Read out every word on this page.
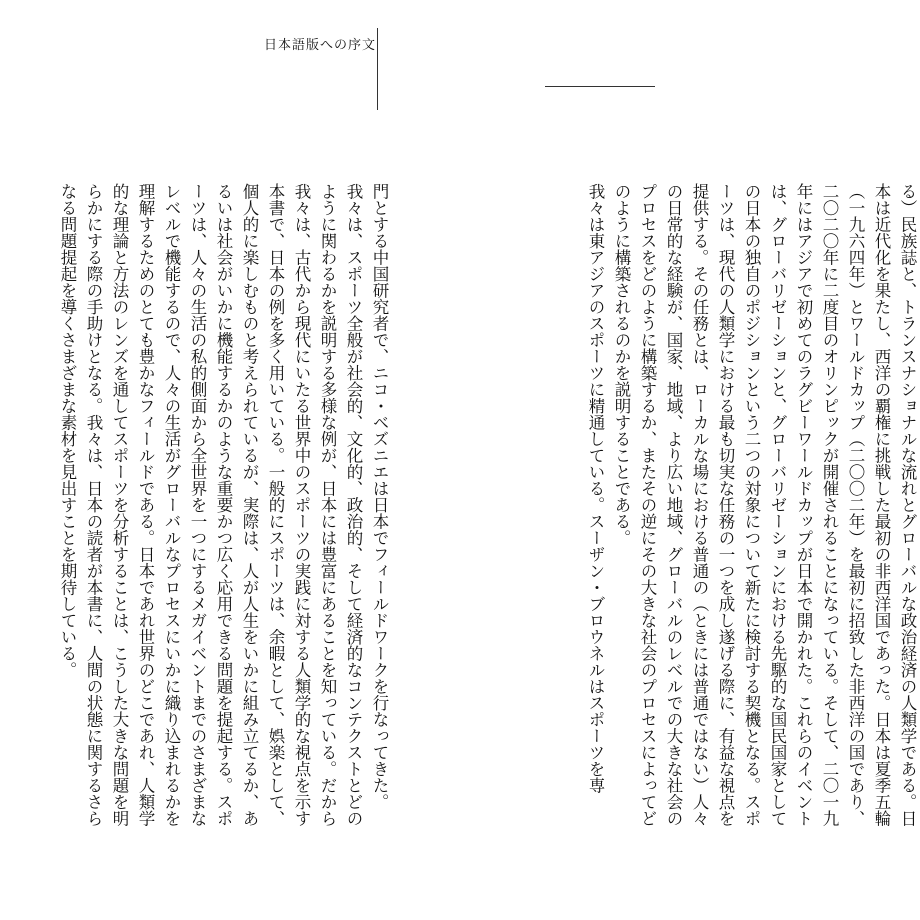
日本語版への序文

る）民族誌と、トランスナショナルな流れとグローバルな政治経済の人類学である。日本は近代化を果たし、西洋の覇権に挑戦した最初の非西洋国であった。日本は夏季五輪（一九六四年）とワールドカップ（二〇〇二年）を最初に招致した非西洋の国であり、二〇二〇年に二度目のオリンピックが開催されることになっている。そして、二〇一九年にはアジアで初めてのラグビーワールドカップが日本で開かれた。これらのイベントは、グローバリゼーションと、グローバリゼーションにおける先駆的な国民国家としての日本の独自のポジションという二つの対象について新たに検討する契機となる。スポーツは、現代の人類学における最も切実な任務の一つを成し遂げる際に、有益な視点を提供する。その任務とは、ローカルな場における普通の（ときには普通ではない）人々の日常的な経験が、国家、地域、より広い地域、グローバルのレベルでの大きな社会のプロセスをどのように構築するか、またその逆にその大きな社会のプロセスによってどのように構築されるのかを説明することである。

我々は東アジアのスポーツに精通している。スーザン・ブロウネルはスポーツを専

門とする中国研究者で、ニコ・ベズニエは日本でフィールドワークを行なってきた。我々は、スポーツ全般が社会的、文化的、政治的、そして経済的なコンテクストとどのように関わるかを説明する多様な例が、日本には豊富にあることを知っている。だから我々は、古代から現代にいたる世界中のスポーツの実践に対する人類学的な視点を示す本書で、日本の例を多く用いている。一般的にスポーツは、余暇として、娯楽として、個人的に楽しむものと考えられているが、実際は、人が人生をいかに組み立てるか、あるいは社会がいかに機能するかのような重要かつ広く応用できる問題を提起する。スポーツは、人々の生活の私的側面から全世界を一つにするメガイベントまでのさまざまなレベルで機能するので、人々の生活がグローバルなプロセスにいかに織り込まれるかを理解するためのとても豊かなフィールドである。日本であれ世界のどこであれ、人類学的な理論と方法のレンズを通してスポーツを分析することは、こうした大きな問題を明らかにする際の手助けとなる。我々は、日本の読者が本書に、人間の状態に関するさらなる問題提起を導くさまざまな素材を見出すことを期待している。
